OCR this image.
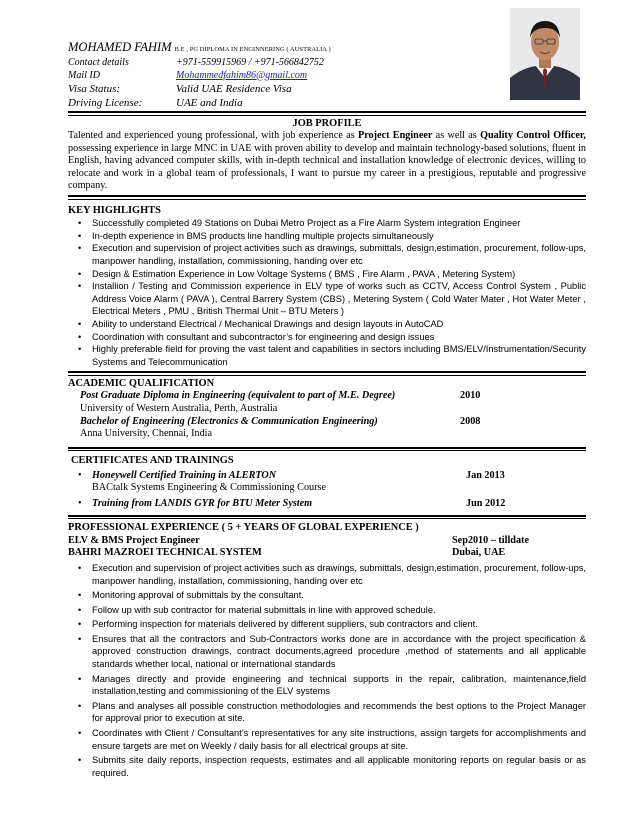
MOHAMED FAHIM B.E , PG DIPLOMA IN ENGINNERING ( AUSTRALIA )
Contact details	+971-559915969 / +971-566842752
Mail ID	Mohammedfahim86@gmail.com
Visa Status:	Valid UAE Residence Visa
Driving License:	UAE and India
JOB PROFILE
Talented and experienced young professional, with job experience as Project Engineer as well as Quality Control Officer, possessing experience in large MNC in UAE with proven ability to develop and maintain technology-based solutions, fluent in English, having advanced computer skills, with in-depth technical and installation knowledge of electronic devices, willing to relocate and work in a global team of professionals, I want to pursue my career in a prestigious, reputable and progressive company.
KEY HIGHLIGHTS
• Successfully completed 49 Stations on Dubai Metro Project as a Fire Alarm System integration Engineer
• In-depth experience in BMS products line handling multiple projects simultaneously
• Execution and supervision of project activities such as drawings, submittals, design,estimation, procurement, follow-ups, manpower handling, installation, commissioning, handing over etc
• Design & Estimation Experience in Low Voltage Systems ( BMS , Fire Alarm , PAVA , Metering System)
• Installion / Testing and Commission experience in ELV type of works such as CCTV, Access Control System , Public Address Voice Alarm ( PAVA ), Central Barrery System (CBS) , Metering System ( Cold Water Mater , Hot Water Meter , Electrical Meters , PMU , British Thermal Unit – BTU Meters )
• Ability to understand Electrical / Mechanical Drawings and design layouts in AutoCAD
• Coordination with consultant and subcontractor’s for engineering and design issues
• Highly preferable field for proving the vast talent and capabilities in sectors including BMS/ELV/Instrumentation/Security Systems and Telecommunication
ACADEMIC QUALIFICATION
Post Graduate Diploma in Engineering (equivalent to part of M.E. Degree)	2010
University of Western Australia, Perth, Australia
Bachelor of Engineering (Electronics & Communication Engineering)	2008
Anna University, Chennai, India
CERTIFICATES AND TRAININGS
• Honeywell Certified Training in ALERTON	Jan 2013
BACtalk Systems Engineering & Commissioning Course
• Training from LANDIS GYR for BTU Meter System	Jun 2012
PROFESSIONAL EXPERIENCE ( 5 + YEARS OF GLOBAL EXPERIENCE )
ELV & BMS Project Engineer	Sep2010 – tilldate
BAHRI MAZROEI TECHNICAL SYSTEM	Dubai, UAE
• Execution and supervision of project activities such as drawings, submittals, design,estimation, procurement, follow-ups, manpower handling, installation, commissioning, handing over etc
• Monitoring approval of submittals by the consultant.
• Follow up with sub contractor for material submittals in line with approved schedule.
• Performing inspection for materials delivered by different suppliers, sub contractors and client.
• Ensures that all the contractors and Sub-Contractors works done are in accordance with the project specification & approved construction drawings, contract documents,agreed procedure ,method of statements and all applicable standards whether local, national or international standards
• Manages directly and provide engineering and technical supports in the repair, calibration, maintenance,field installation,testing and commissioning of the ELV systems
• Plans and analyses all possible construction methodologies and recommends the best options to the Project Manager for approval prior to execution at site.
• Coordinates with Client / Consultant’s representatives for any site instructions, assign targets for accomplishments and ensure targets are met on Weekly / daily basis for all electrical groups at site.
• Submits site daily reports, inspection requests, estimates and all applicable monitoring reports on regular basis or as required.
